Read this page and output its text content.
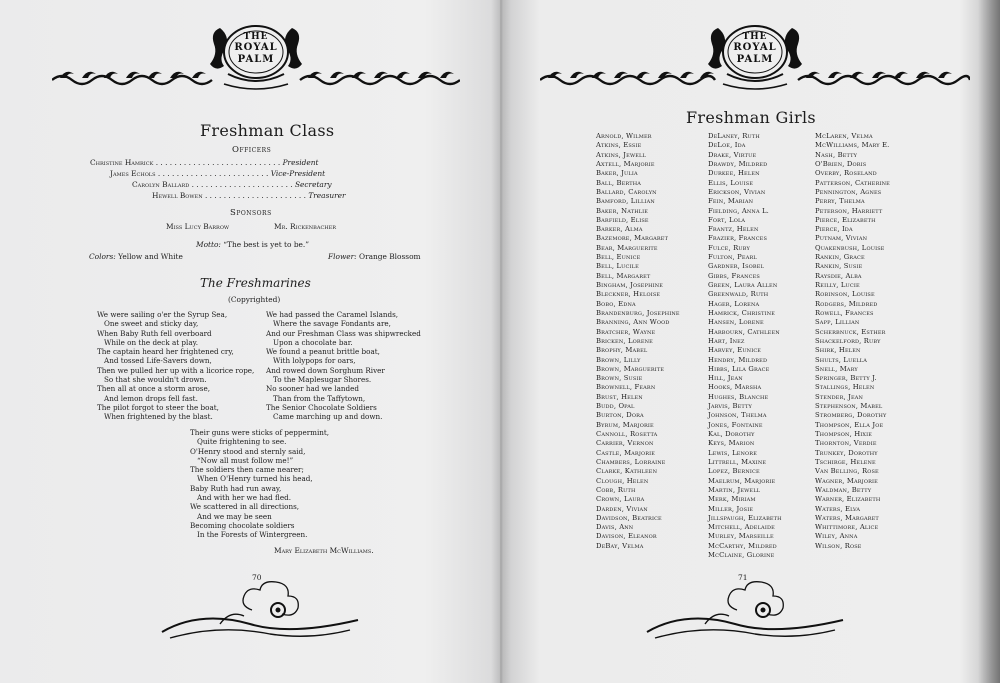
THE
ROYAL
PALM
Freshman Class
Officers
Christine Hamrick . . . . . . . . . . . . . . . . . . . . . . . . . . . President
James Echols . . . . . . . . . . . . . . . . . . . . . . . . Vice-President
Carolyn Ballard . . . . . . . . . . . . . . . . . . . . . . Secretary
Hewell Bowen . . . . . . . . . . . . . . . . . . . . . . Treasurer
Sponsors
Miss Lucy Barrow	Mr. Rickenbacher
Motto: “The best is yet to be.”
Colors: Yellow and White	Flower: Orange Blossom
The Freshmarines
(Copyrighted)
We were sailing o'er the Syrup Sea,
One sweet and sticky day,
When Baby Ruth fell overboard
While on the deck at play.
The captain heard her frightened cry,
And tossed Life-Savers down,
Then we pulled her up with a licorice rope,
So that she wouldn't drown.
Then all at once a storm arose,
And lemon drops fell fast.
The pilot forgot to steer the boat,
When frightened by the blast.
We had passed the Caramel Islands,
Where the savage Fondants are,
And our Freshman Class was shipwrecked
Upon a chocolate bar.
We found a peanut brittle boat,
With lolypops for oars,
And rowed down Sorghum River
To the Maplesugar Shores.
No sooner had we landed
Than from the Taffytown,
The Senior Chocolate Soldiers
Came marching up and down.
Their guns were sticks of peppermint,
Quite frightening to see.
O'Henry stood and sternly said,
“Now all must follow me!”
The soldiers then came nearer;
When O'Henry turned his head,
Baby Ruth had run away,
And with her we had fled.
We scattered in all directions,
And we may be seen
Becoming chocolate soldiers
In the Forests of Wintergreen.
Mary Elizabeth McWilliams.
70
THE
ROYAL
PALM
Freshman Girls
Arnold, Wilmer
Atkins, Essie
Atkins, Jewell
Axtell, Marjorie
Baker, Julia
Ball, Bertha
Ballard, Carolyn
Bamford, Lillian
Baker, Nathlie
Barfield, Elise
Barker, Alma
Bazemore, Margaret
Bear, Marguerite
Bell, Eunice
Bell, Lucile
Bell, Margaret
Bingham, Josephine
Bleckner, Heloise
Bobo, Edna
Brandenburg, Josephine
Branning, Ann Wood
Bratcher, Wayne
Bricken, Lorene
Brophy, Mabel
Brown, Lilly
Brown, Marguerite
Brown, Susie
Brownell, Fearn
Brust, Helen
Budd, Opal
Burton, Dora
Byrum, Marjorie
Cannoll, Rosetta
Carrier, Vernon
Castle, Marjorie
Chambers, Lorraine
Clarke, Kathleen
Clough, Helen
Cobb, Ruth
Crown, Laura
Darden, Vivian
Davidson, Beatrice
Davis, Ann
Davison, Eleanor
DeBay, Velma
DeLaney, Ruth
DeLoe, Ida
Drake, Virtue
Drawdy, Mildred
Durkee, Helen
Ellis, Louise
Erickson, Vivian
Fein, Marian
Fielding, Anna L.
Fort, Lola
Frantz, Helen
Frazier, Frances
Fulce, Ruby
Fulton, Pearl
Gardner, Isobel
Gibbs, Frances
Green, Laura Allen
Greenwald, Ruth
Hager, Lorena
Hamrick, Christine
Hansen, Lorene
Harbourn, Cathleen
Hart, Inez
Harvey, Eunice
Hendry, Mildred
Hibbs, Lila Grace
Hill, Jean
Hooks, Marsha
Hughes, Blanche
Jarvis, Betty
Johnson, Thelma
Jones, Fontaine
Kal, Dorothy
Keys, Marion
Lewis, Lenore
Littrell, Maxine
Lopez, Bernice
Maelrum, Marjorie
Martin, Jewell
Merk, Miriam
Miller, Josie
Jillspaugh, Elizabeth
Mitchell, Adelaide
Murley, Marseille
McCarthy, Mildred
McClaine, Glorine
McLaren, Velma
McWilliams, Mary E.
Nash, Betty
O'Brien, Doris
Overby, Roseland
Patterson, Catherine
Pennington, Agnes
Perry, Thelma
Peterson, Harriett
Pierce, Elizabeth
Pierce, Ida
Putnam, Vivian
Quakenbush, Louise
Rankin, Grace
Rankin, Susie
Raysdie, Alba
Reilly, Lucie
Robinson, Louise
Rodgers, Mildred
Rowell, Frances
Sapp, Lillian
Scherbnuck, Esther
Shackelford, Ruby
Shirk, Helen
Shults, Luella
Snell, Mary
Springer, Betty J.
Stallings, Helen
Stender, Jean
Stephenson, Mabel
Stromberg, Dorothy
Thompson, Ella Joe
Thompson, Hixie
Thornton, Verdie
Trunkey, Dorothy
Tschirge, Helene
Van Belling, Rose
Wagner, Marjorie
Waldman, Betty
Warner, Elizabeth
Waters, Elva
Waters, Margaret
Whittimore, Alice
Wiley, Anna
Wilson, Rose
71
